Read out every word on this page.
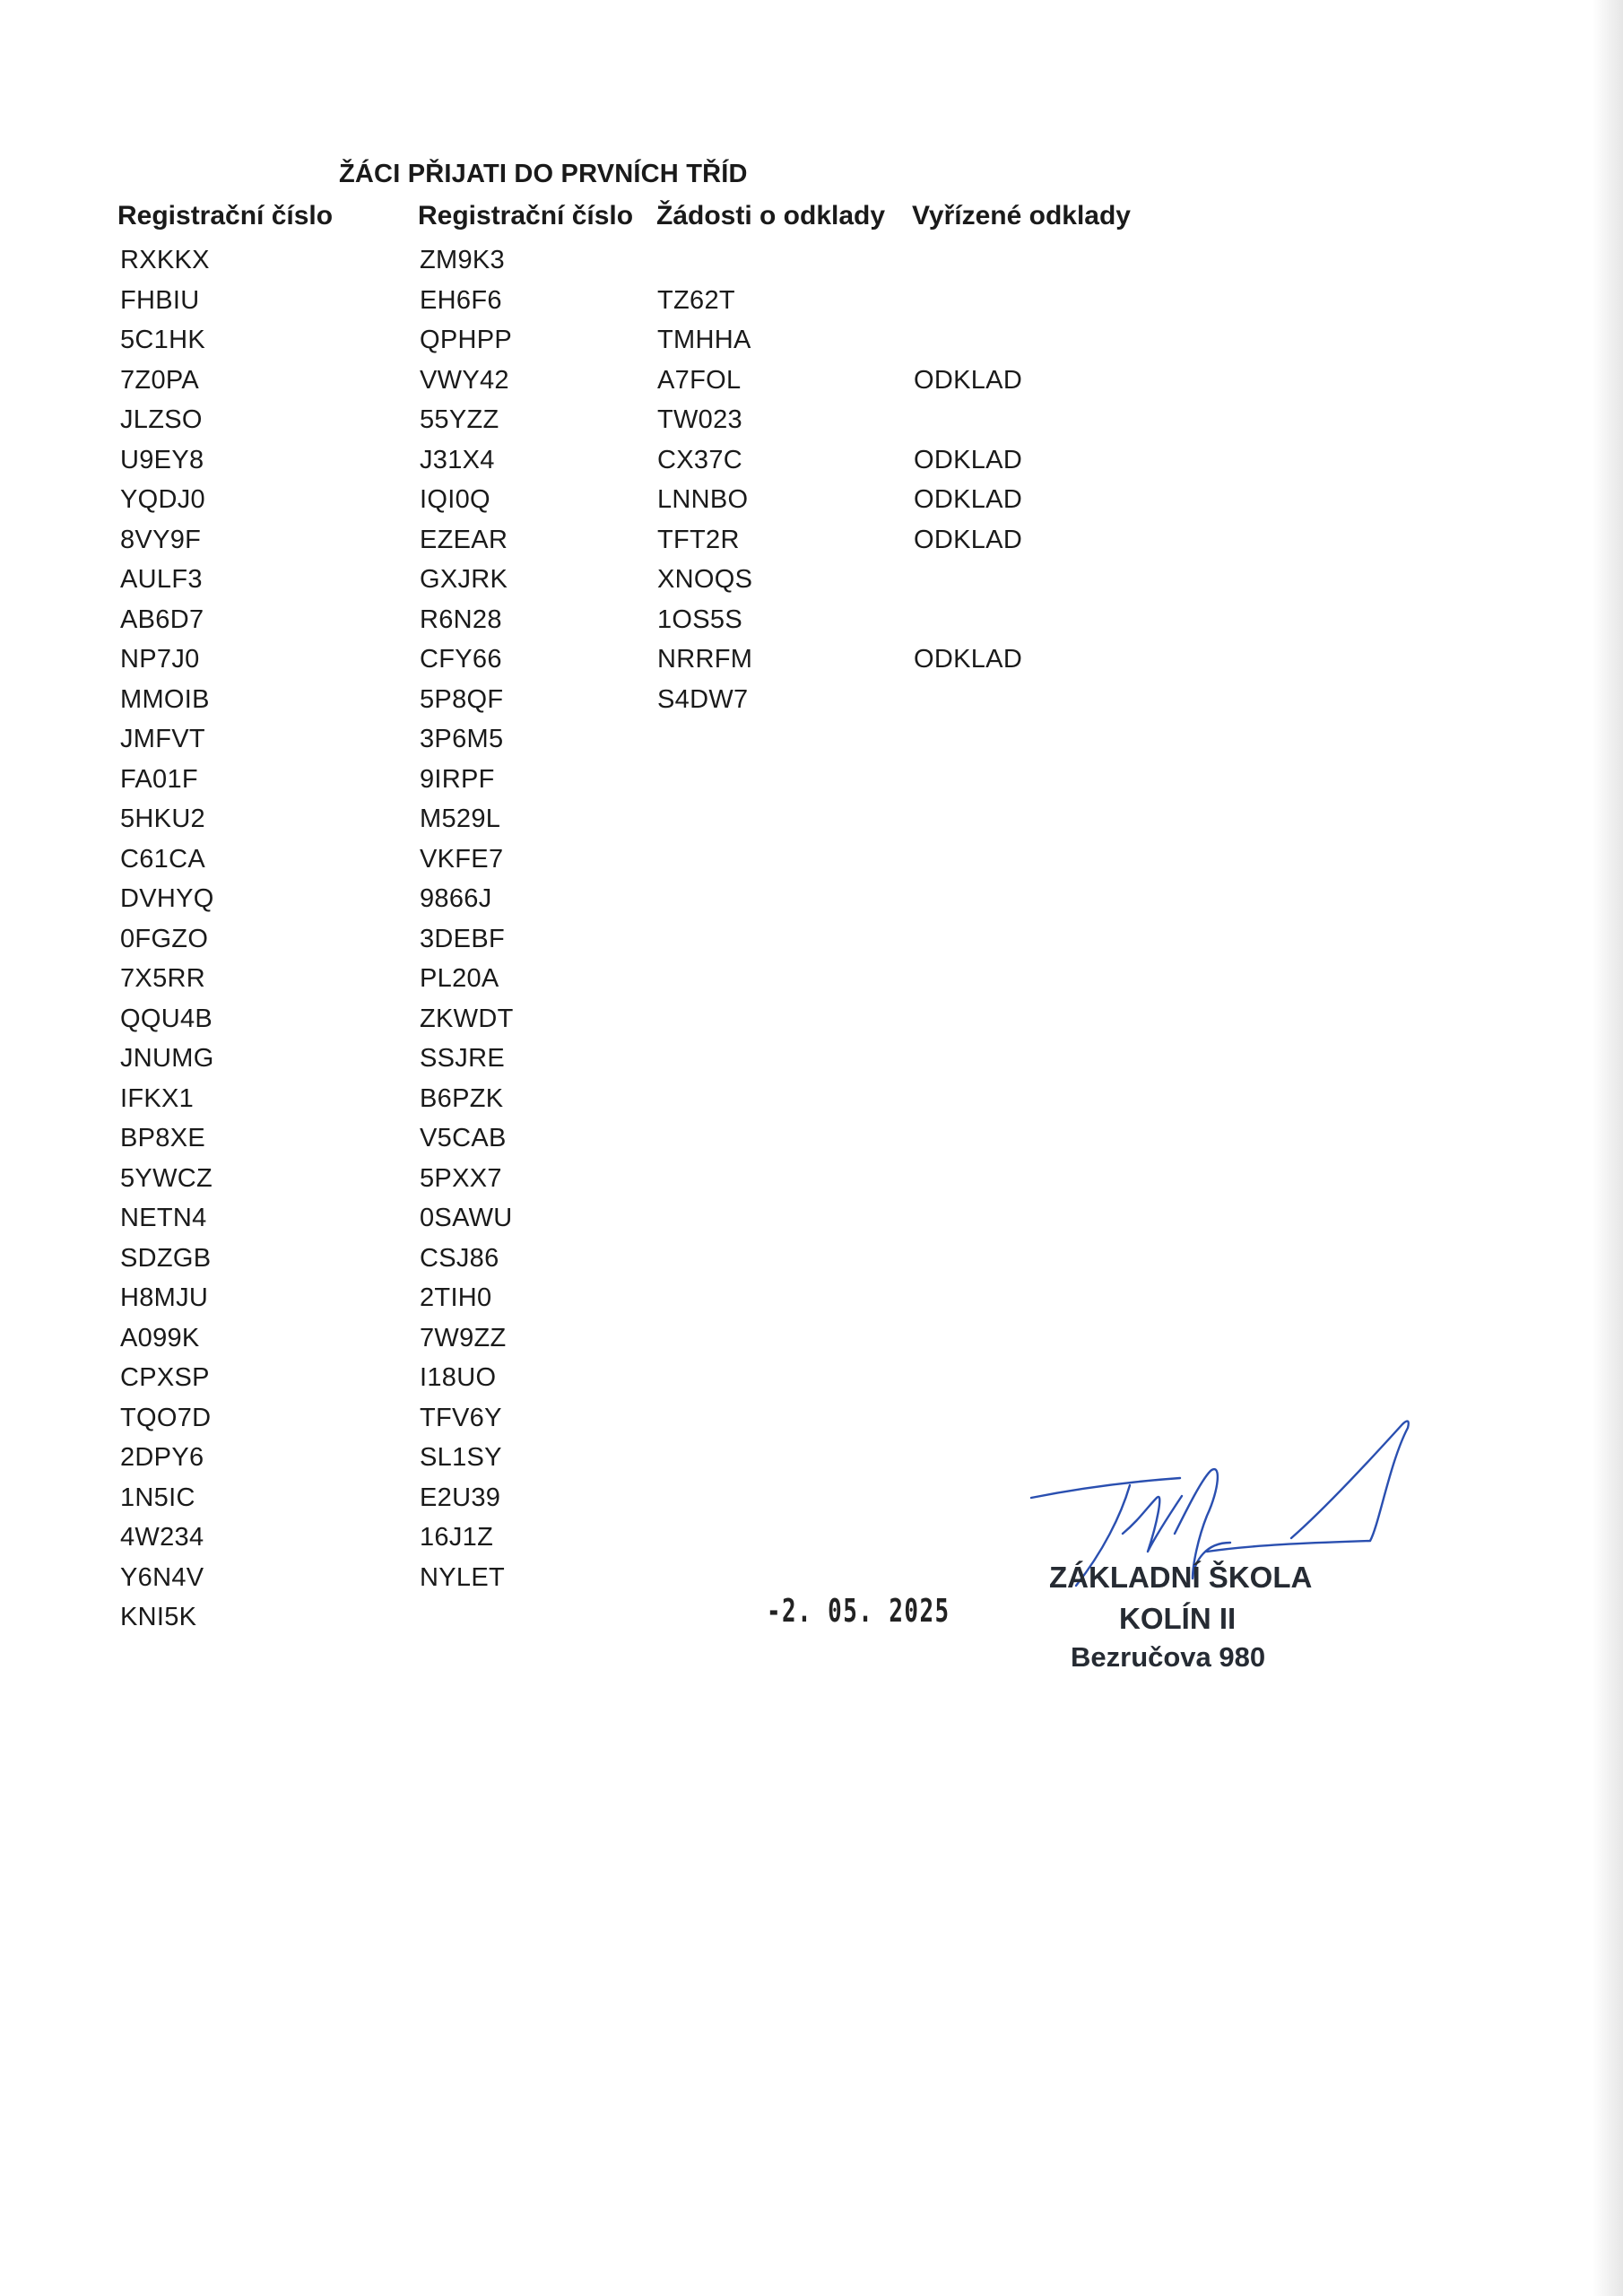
ŽÁCI PŘIJATI DO PRVNÍCH TŘÍD
Registrační číslo	Registrační číslo Žádosti o odklady Vyřízené odklady
RXKKX
FHBIU
5C1HK
7Z0PA
JLZSO
U9EY8
YQDJ0
8VY9F
AULF3
AB6D7
NP7J0
MMOIB
JMFVT
FA01F
5HKU2
C61CA
DVHYQ
0FGZO
7X5RR
QQU4B
JNUMG
IFKX1
BP8XE
5YWCZ
NETN4
SDZGB
H8MJU
A099K
CPXSP
TQO7D
2DPY6
1N5IC
4W234
Y6N4V
KNI5K
ZM9K3
EH6F6
QPHPP
VWY42
55YZZ
J31X4
IQI0Q
EZEAR
GXJRK
R6N28
CFY66
5P8QF
3P6M5
9IRPF
M529L
VKFE7
9866J
3DEBF
PL20A
ZKWDT
SSJRE
B6PZK
V5CAB
5PXX7
0SAWU
CSJ86
2TIH0
7W9ZZ
I18UO
TFV6Y
SL1SY
E2U39
16J1Z
NYLET
TZ62T
TMHHA
A7FOL
TW023
CX37C
LNNBO
TFT2R
XNOQS
1OS5S
NRRFM
S4DW7
ODKLAD
ODKLAD
ODKLAD
ODKLAD
ODKLAD
-2. 05. 2025
ZÁKLADNÍ ŠKOLA
KOLÍN II
Bezručova 980
